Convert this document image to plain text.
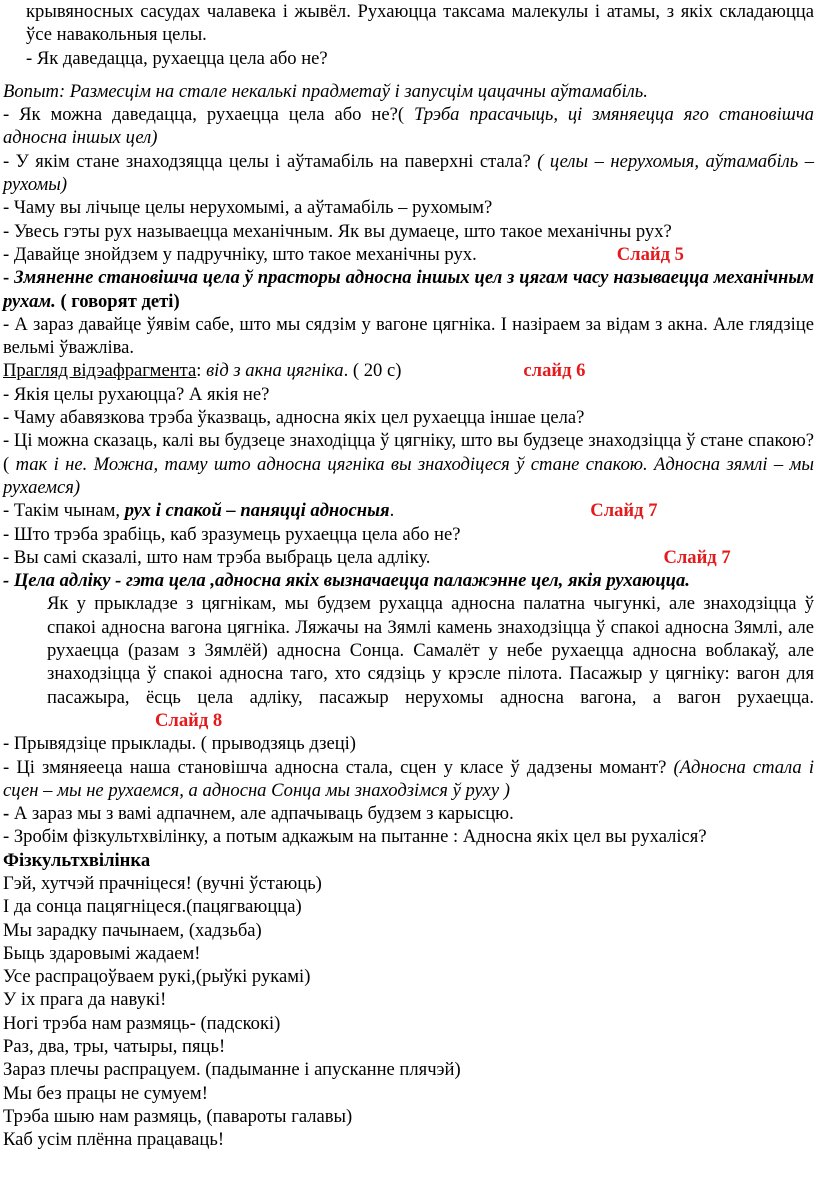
крывяносных сасудах чалавека і жывёл. Рухаюцца таксама малекулы і атамы, з якіх складаюцца ўсе навакольныя целы.

- Як даведацца, рухаецца цела або не?

Вопыт: Размесцім на стале некалькі прадметаў і запусцім цацачны аўтамабіль.

- Як можна даведацца, рухаецца цела або не?( Трэба прасачыць, ці змяняецца яго становішча адносна іншых цел)

- У якім стане знаходзяцца целы і аўтамабіль на паверхні стала? ( целы – нерухомыя, аўтамабіль – рухомы)

- Чаму вы лічыце целы нерухомымі, а аўтамабіль – рухомым?

- Увесь гэты рух называецца механічным. Як вы думаеце, што такое механічны рух?

- Давайце знойдзем у падручніку, што такое механічны рух.	Слайд 5

- Змяненне становішча цела ў прасторы адносна іншых цел з цягам часу называецца механічным рухам. ( говорят деті)

- А зараз давайце ўявім сабе, што мы сядзім у вагоне цягніка. І назіраем за відам з акна. Але глядзіце вельмі ўважліва.

Прагляд відэафрагмента: від з акна цягніка. ( 20 с)	слайд 6

- Якія целы рухаюцца? А якія не?

- Чаму абавязкова трэба ўказваць, адносна якіх цел рухаецца іншае цела?

- Ці можна сказаць, калі вы будзеце знаходіцца ў цягніку, што вы будзеце знаходзіцца ў стане спакою? ( так і не. Можна, таму што адносна цягніка вы знаходіцеся ў стане спакою. Адносна зямлі – мы рухаемся)

- Такім чынам, рух і спакой – паняцці адносныя.	Слайд 7

- Што трэба зрабіць, каб зразумець рухаецца цела або не?

- Вы самі сказалі, што нам трэба выбраць цела адліку.	Слайд 7

- Цела адліку - гэта цела ,адносна якіх вызначаецца палажэнне цел, якія рухаюцца.

Як у прыкладзе з цягнікам, мы будзем рухацца адносна палатна чыгункі, але знаходзіцца ў спакоі адносна вагона цягніка. Ляжачы на Зямлі камень знаходзіцца ў спакоі адносна Зямлі, але рухаецца (разам з Зямлёй) адносна Сонца. Самалёт у небе рухаецца адносна воблакаў, але знаходзіцца ў спакоі адносна таго, хто сядзіць у крэсле пілота. Пасажыр у цягніку: вагон для пасажыра, ёсць цела адліку, пасажыр нерухомы адносна вагона, а вагон рухаецца.Слайд 8

- Прывядзіце прыклады. ( прыводзяць дзеці)

- Ці змяняеецa наша становішча адносна стала, сцен у класе ў дадзены момант? (Адносна стала і сцен – мы не рухаемся, а адносна Сонца мы знаходзімся ў руху )

- А зараз мы з вамі адпачнем, але адпачываць будзем з карысцю.

- Зробім фізкультхвілінку, а потым адкажым на пытанне : Адносна якіх цел вы рухаліся?

Фізкультхвілінка

Гэй, хутчэй прачніцеся! (вучні ўстаюць)

І да сонца пацягніцеся.(пацягваюцца)

Мы зарадку пачынаем, (хадзьба)

Быць здаровымі жадаем!

Усе распрацоўваем рукі,(рыўкі рукамі)

У іх прага да навукі!

Ногі трэба нам размяць- (падскокі)

Раз, два, тры, чатыры, пяць!

Зараз плечы распрацуем. (падыманне і апусканне плячэй)

Мы без працы не сумуем!

Трэба шыю нам размяць, (павароты галавы)

Каб усім плённа працаваць!
